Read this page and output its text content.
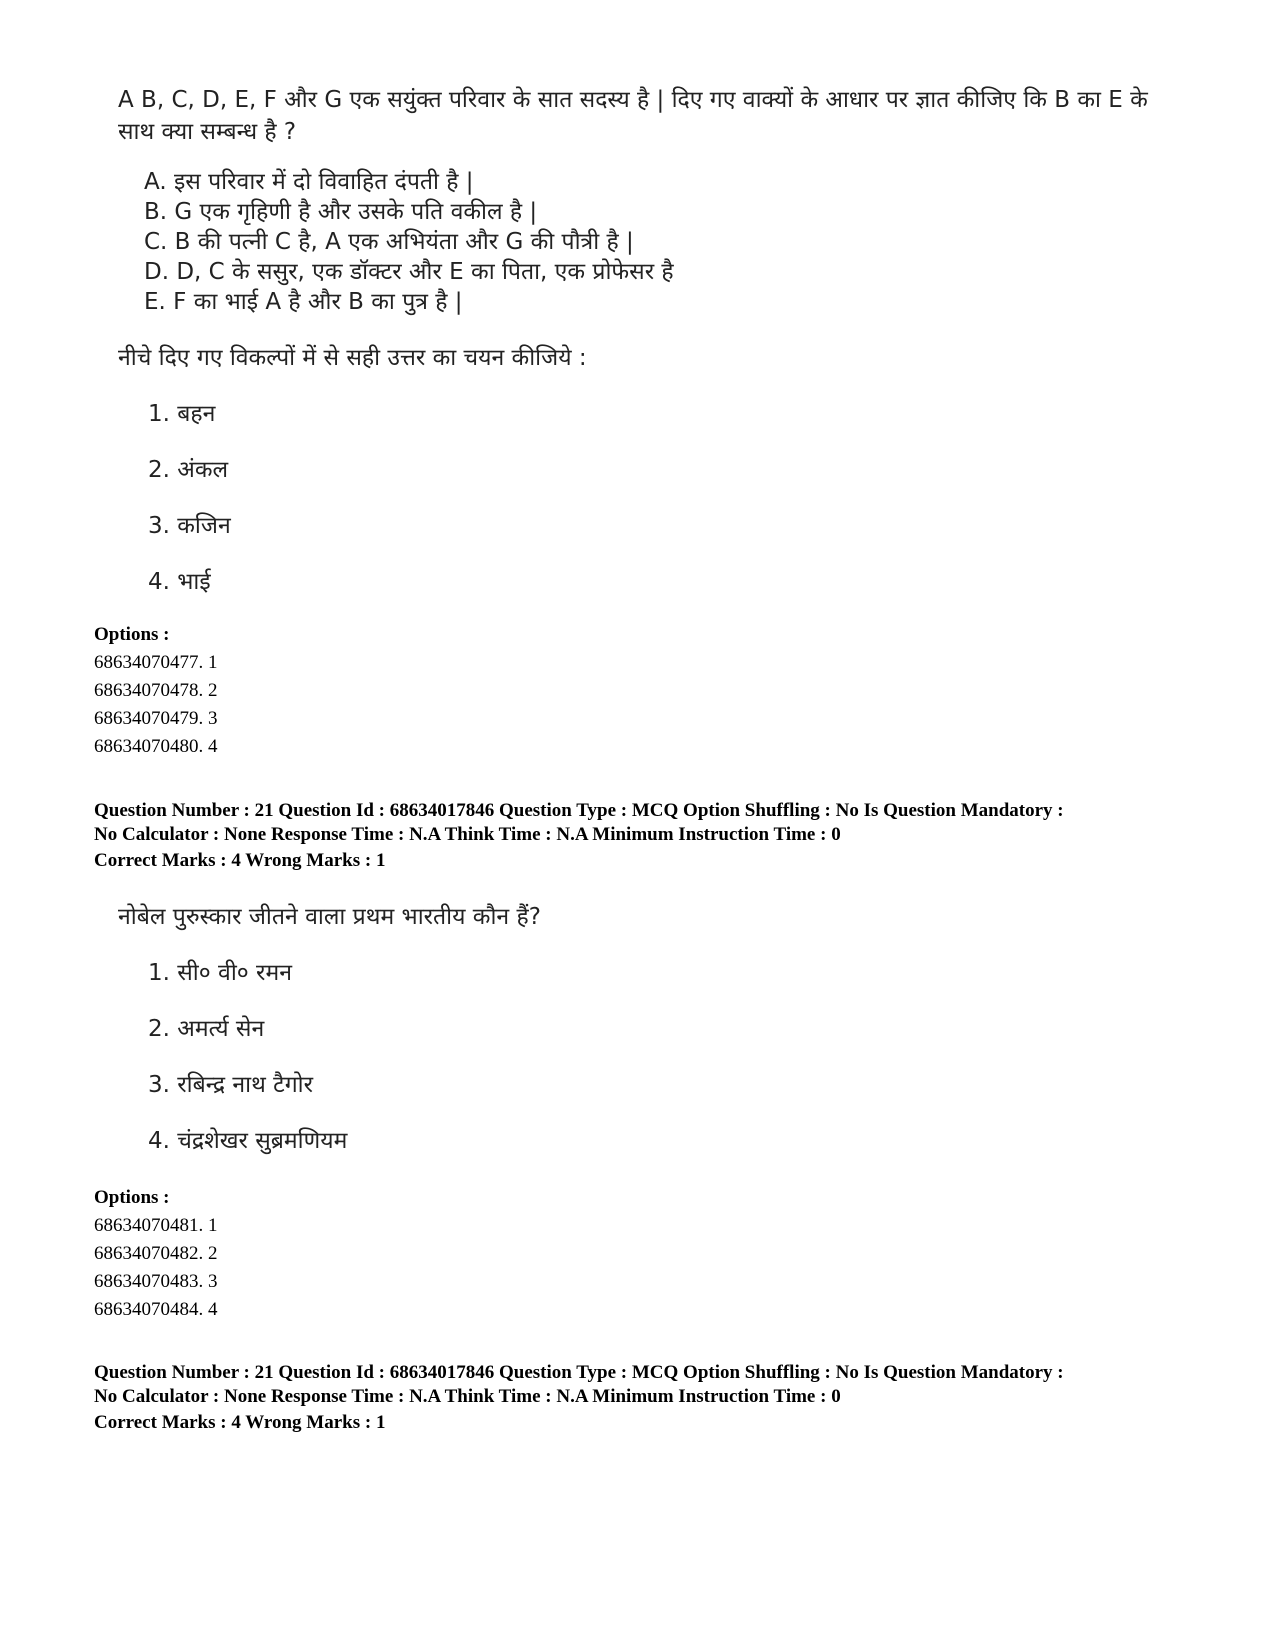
A B, C, D, E, F और G एक सयुंक्त परिवार के सात सदस्य है | दिए गए वाक्यों के आधार पर ज्ञात कीजिए कि B का E के साथ क्या सम्बन्ध है ?

A. इस परिवार में दो विवाहित दंपती है |
B. G एक गृहिणी है और उसके पति वकील है |
C. B की पत्नी C है, A एक अभियंता और G की पौत्री है |
D. D, C के ससुर, एक डॉक्टर और E का पिता, एक प्रोफेसर है
E. F का भाई A है और B का पुत्र है |

नीचे दिए गए विकल्पों में से सही उत्तर का चयन कीजिये :

1. बहन

2. अंकल

3. कजिन

4. भाई

Options :

68634070477. 1

68634070478. 2

68634070479. 3

68634070480. 4

Question Number : 21 Question Id : 68634017846 Question Type : MCQ Option Shuffling : No Is Question Mandatory :
No Calculator : None Response Time : N.A Think Time : N.A Minimum Instruction Time : 0

Correct Marks : 4 Wrong Marks : 1

नोबेल पुरुस्कार जीतने वाला प्रथम भारतीय कौन हैं?

1. सी० वी० रमन

2. अमर्त्य सेन

3. रबिन्द्र नाथ टैगोर

4. चंद्रशेखर सुब्रमणियम

Options :

68634070481. 1

68634070482. 2

68634070483. 3

68634070484. 4

Question Number : 21 Question Id : 68634017846 Question Type : MCQ Option Shuffling : No Is Question Mandatory :
No Calculator : None Response Time : N.A Think Time : N.A Minimum Instruction Time : 0

Correct Marks : 4 Wrong Marks : 1
